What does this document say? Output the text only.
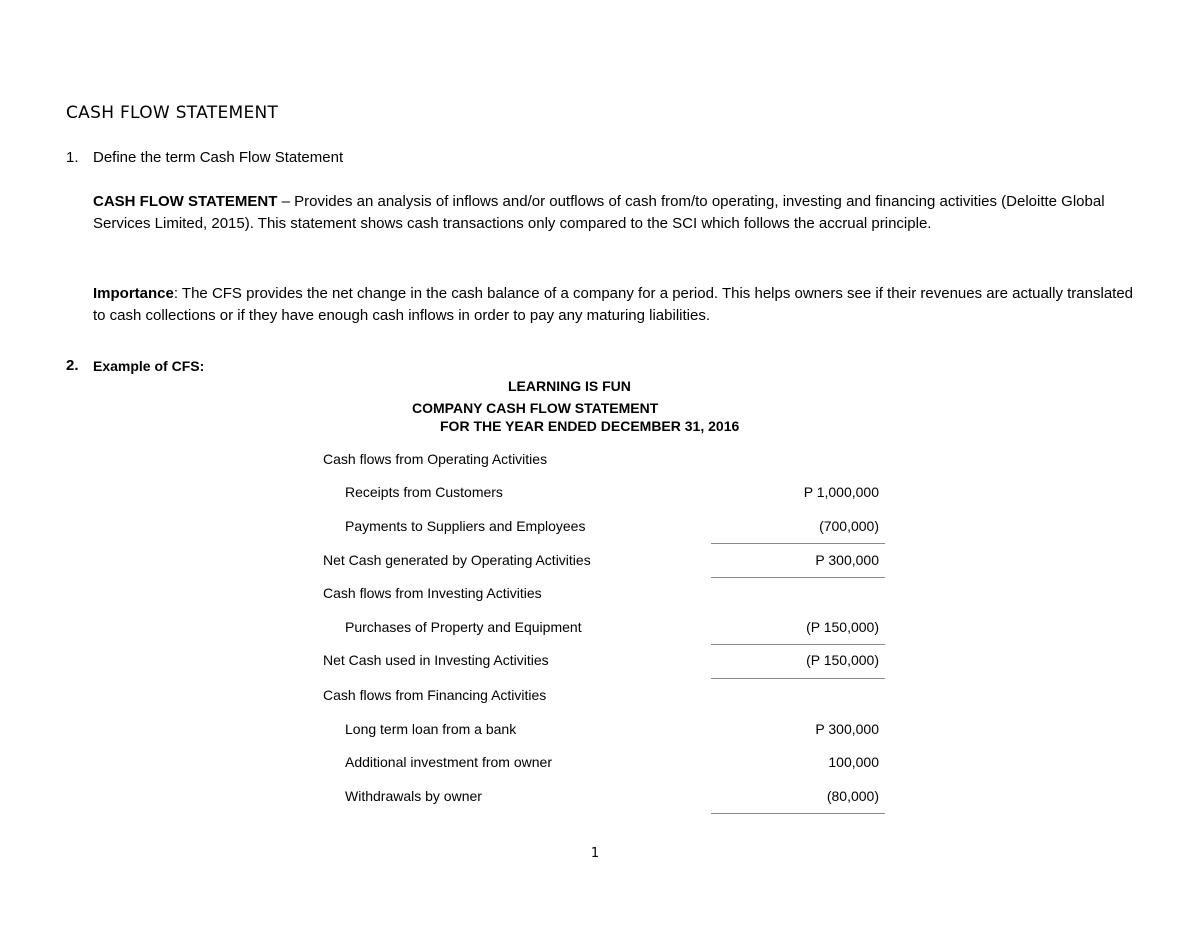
CASH FLOW STATEMENT
1. Define the term Cash Flow Statement
CASH FLOW STATEMENT – Provides an analysis of inflows and/or outflows of cash from/to operating, investing and financing activities (Deloitte Global Services Limited, 2015). This statement shows cash transactions only compared to the SCI which follows the accrual principle.
Importance: The CFS provides the net change in the cash balance of a company for a period. This helps owners see if their revenues are actually translated to cash collections or if they have enough cash inflows in order to pay any maturing liabilities.
2. Example of CFS:
LEARNING IS FUN
COMPANY CASH FLOW STATEMENT
FOR THE YEAR ENDED DECEMBER 31, 2016
Cash flows from Operating Activities
Receipts from Customers	P 1,000,000
Payments to Suppliers and Employees	(700,000)
Net Cash generated by Operating Activities	P 300,000
Cash flows from Investing Activities
Purchases of Property and Equipment	(P 150,000)
Net Cash used in Investing Activities	(P 150,000)
Cash flows from Financing Activities
Long term loan from a bank	P 300,000
Additional investment from owner	100,000
Withdrawals by owner	(80,000)
1
